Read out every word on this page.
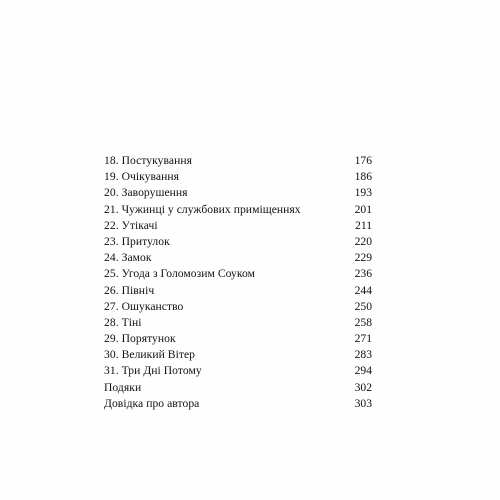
18. Постукування	176
19. Очікування	186
20. Заворушення	193
21. Чужинці у службових приміщеннях	201
22. Утікачі	211
23. Притулок	220
24. Замок	229
25. Угода з Голомозим Соуком	236
26. Північ	244
27. Ошуканство	250
28. Тіні	258
29. Порятунок	271
30. Великий Вітер	283
31. Три Дні Потому	294
Подяки	302
Довідка про автора	303
